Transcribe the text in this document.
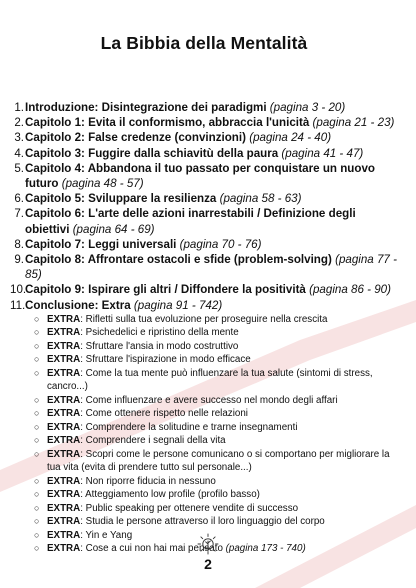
La Bibbia della Mentalità
1. Introduzione: Disintegrazione dei paradigmi (pagina 3 - 20)
2. Capitolo 1: Evita il conformismo, abbraccia l'unicità (pagina 21 - 23)
3. Capitolo 2: False credenze (convinzioni) (pagina 24 - 40)
4. Capitolo 3: Fuggire dalla schiavitù della paura (pagina 41 - 47)
5. Capitolo 4: Abbandona il tuo passato per conquistare un nuovo futuro (pagina 48 - 57)
6. Capitolo 5: Sviluppare la resilienza (pagina 58 - 63)
7. Capitolo 6: L'arte delle azioni inarrestabili / Definizione degli obiettivi (pagina 64 - 69)
8. Capitolo 7: Leggi universali (pagina 70 - 76)
9. Capitolo 8: Affrontare ostacoli e sfide (problem-solving) (pagina 77 - 85)
10.
Capitolo 9: Ispirare gli altri / Diffondere la positività (pagina 86 - 90)
11. Conclusione: Extra (pagina 91 - 742)
○ EXTRA: Rifletti sulla tua evoluzione per proseguire nella crescita
○ EXTRA: Psichedelici e ripristino della mente
○ EXTRA: Sfruttare l'ansia in modo costruttivo
○ EXTRA: Sfruttare l'ispirazione in modo efficace
○ EXTRA: Come la tua mente può influenzare la tua salute (sintomi di stress, cancro...)
○ EXTRA: Come influenzare e avere successo nel mondo degli affari
○ EXTRA: Come ottenere rispetto nelle relazioni
○ EXTRA: Comprendere la solitudine e trarne insegnamenti
○ EXTRA: Comprendere i segnali della vita
○ EXTRA: Scopri come le persone comunicano o si comportano per migliorare la tua vita (evita di prendere tutto sul personale...)
○ EXTRA: Non riporre fiducia in nessuno
○ EXTRA: Atteggiamento low profile (profilo basso)
○ EXTRA: Public speaking per ottenere vendite di successo
○ EXTRA: Studia le persone attraverso il loro linguaggio del corpo
○ EXTRA: Yin e Yang
○ EXTRA: Cose a cui non hai mai pensato (pagina 173 - 740)
2
